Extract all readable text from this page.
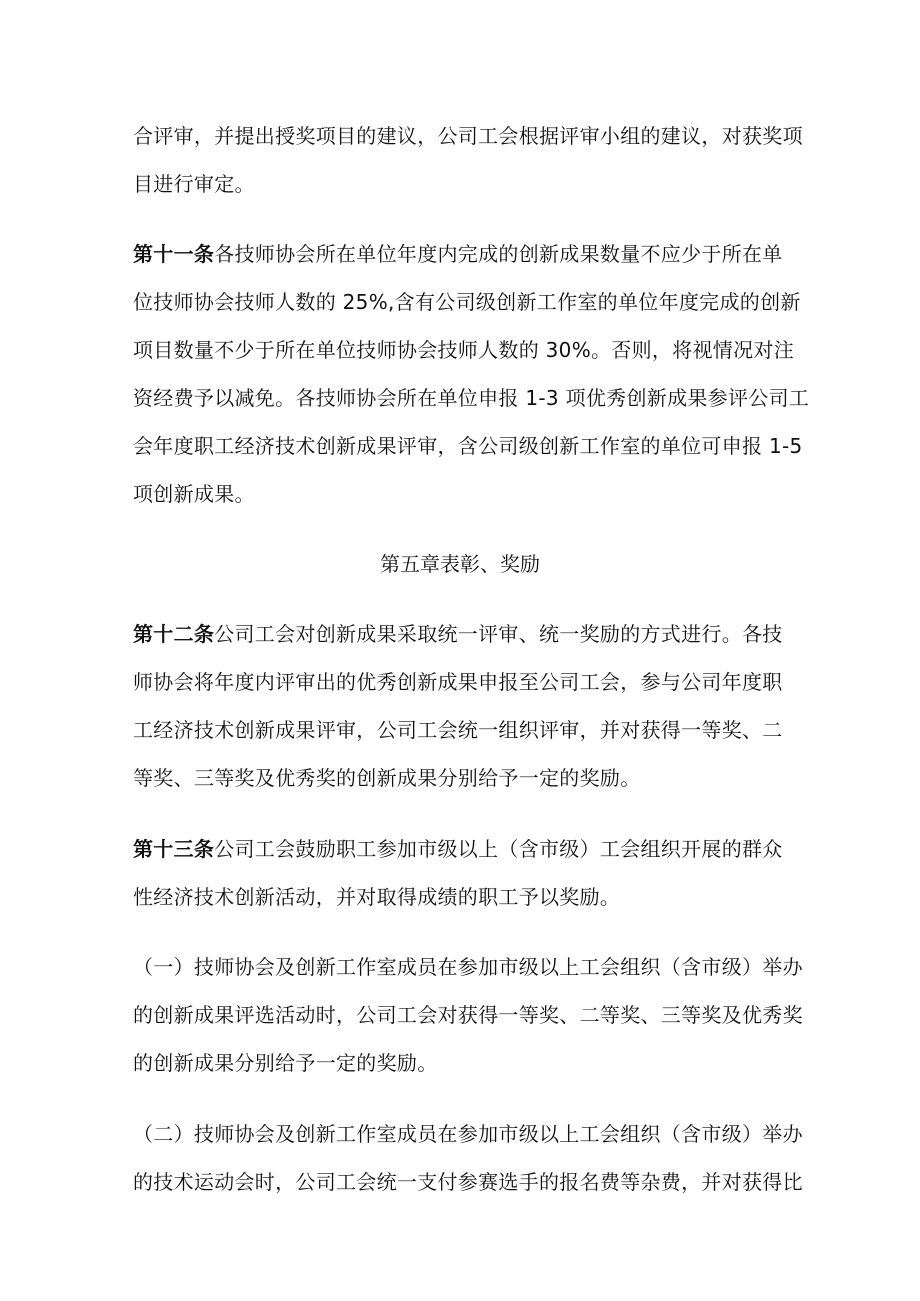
合评审，并提出授奖项目的建议，公司工会根据评审小组的建议，对获奖项
目进行审定。
第十一条各技师协会所在单位年度内完成的创新成果数量不应少于所在单
位技师协会技师人数的 25%,含有公司级创新工作室的单位年度完成的创新
项目数量不少于所在单位技师协会技师人数的 30%。否则，将视情况对注
资经费予以减免。各技师协会所在单位申报 1-3 项优秀创新成果参评公司工
会年度职工经济技术创新成果评审，含公司级创新工作室的单位可申报 1-5
项创新成果。
第五章表彰、奖励
第十二条公司工会对创新成果采取统一评审、统一奖励的方式进行。各技
师协会将年度内评审出的优秀创新成果申报至公司工会，参与公司年度职
工经济技术创新成果评审，公司工会统一组织评审，并对获得一等奖、二
等奖、三等奖及优秀奖的创新成果分别给予一定的奖励。
第十三条公司工会鼓励职工参加市级以上（含市级）工会组织开展的群众
性经济技术创新活动，并对取得成绩的职工予以奖励。
（一）技师协会及创新工作室成员在参加市级以上工会组织（含市级）举办
的创新成果评选活动时，公司工会对获得一等奖、二等奖、三等奖及优秀奖
的创新成果分别给予一定的奖励。
（二）技师协会及创新工作室成员在参加市级以上工会组织（含市级）举办
的技术运动会时，公司工会统一支付参赛选手的报名费等杂费，并对获得比
